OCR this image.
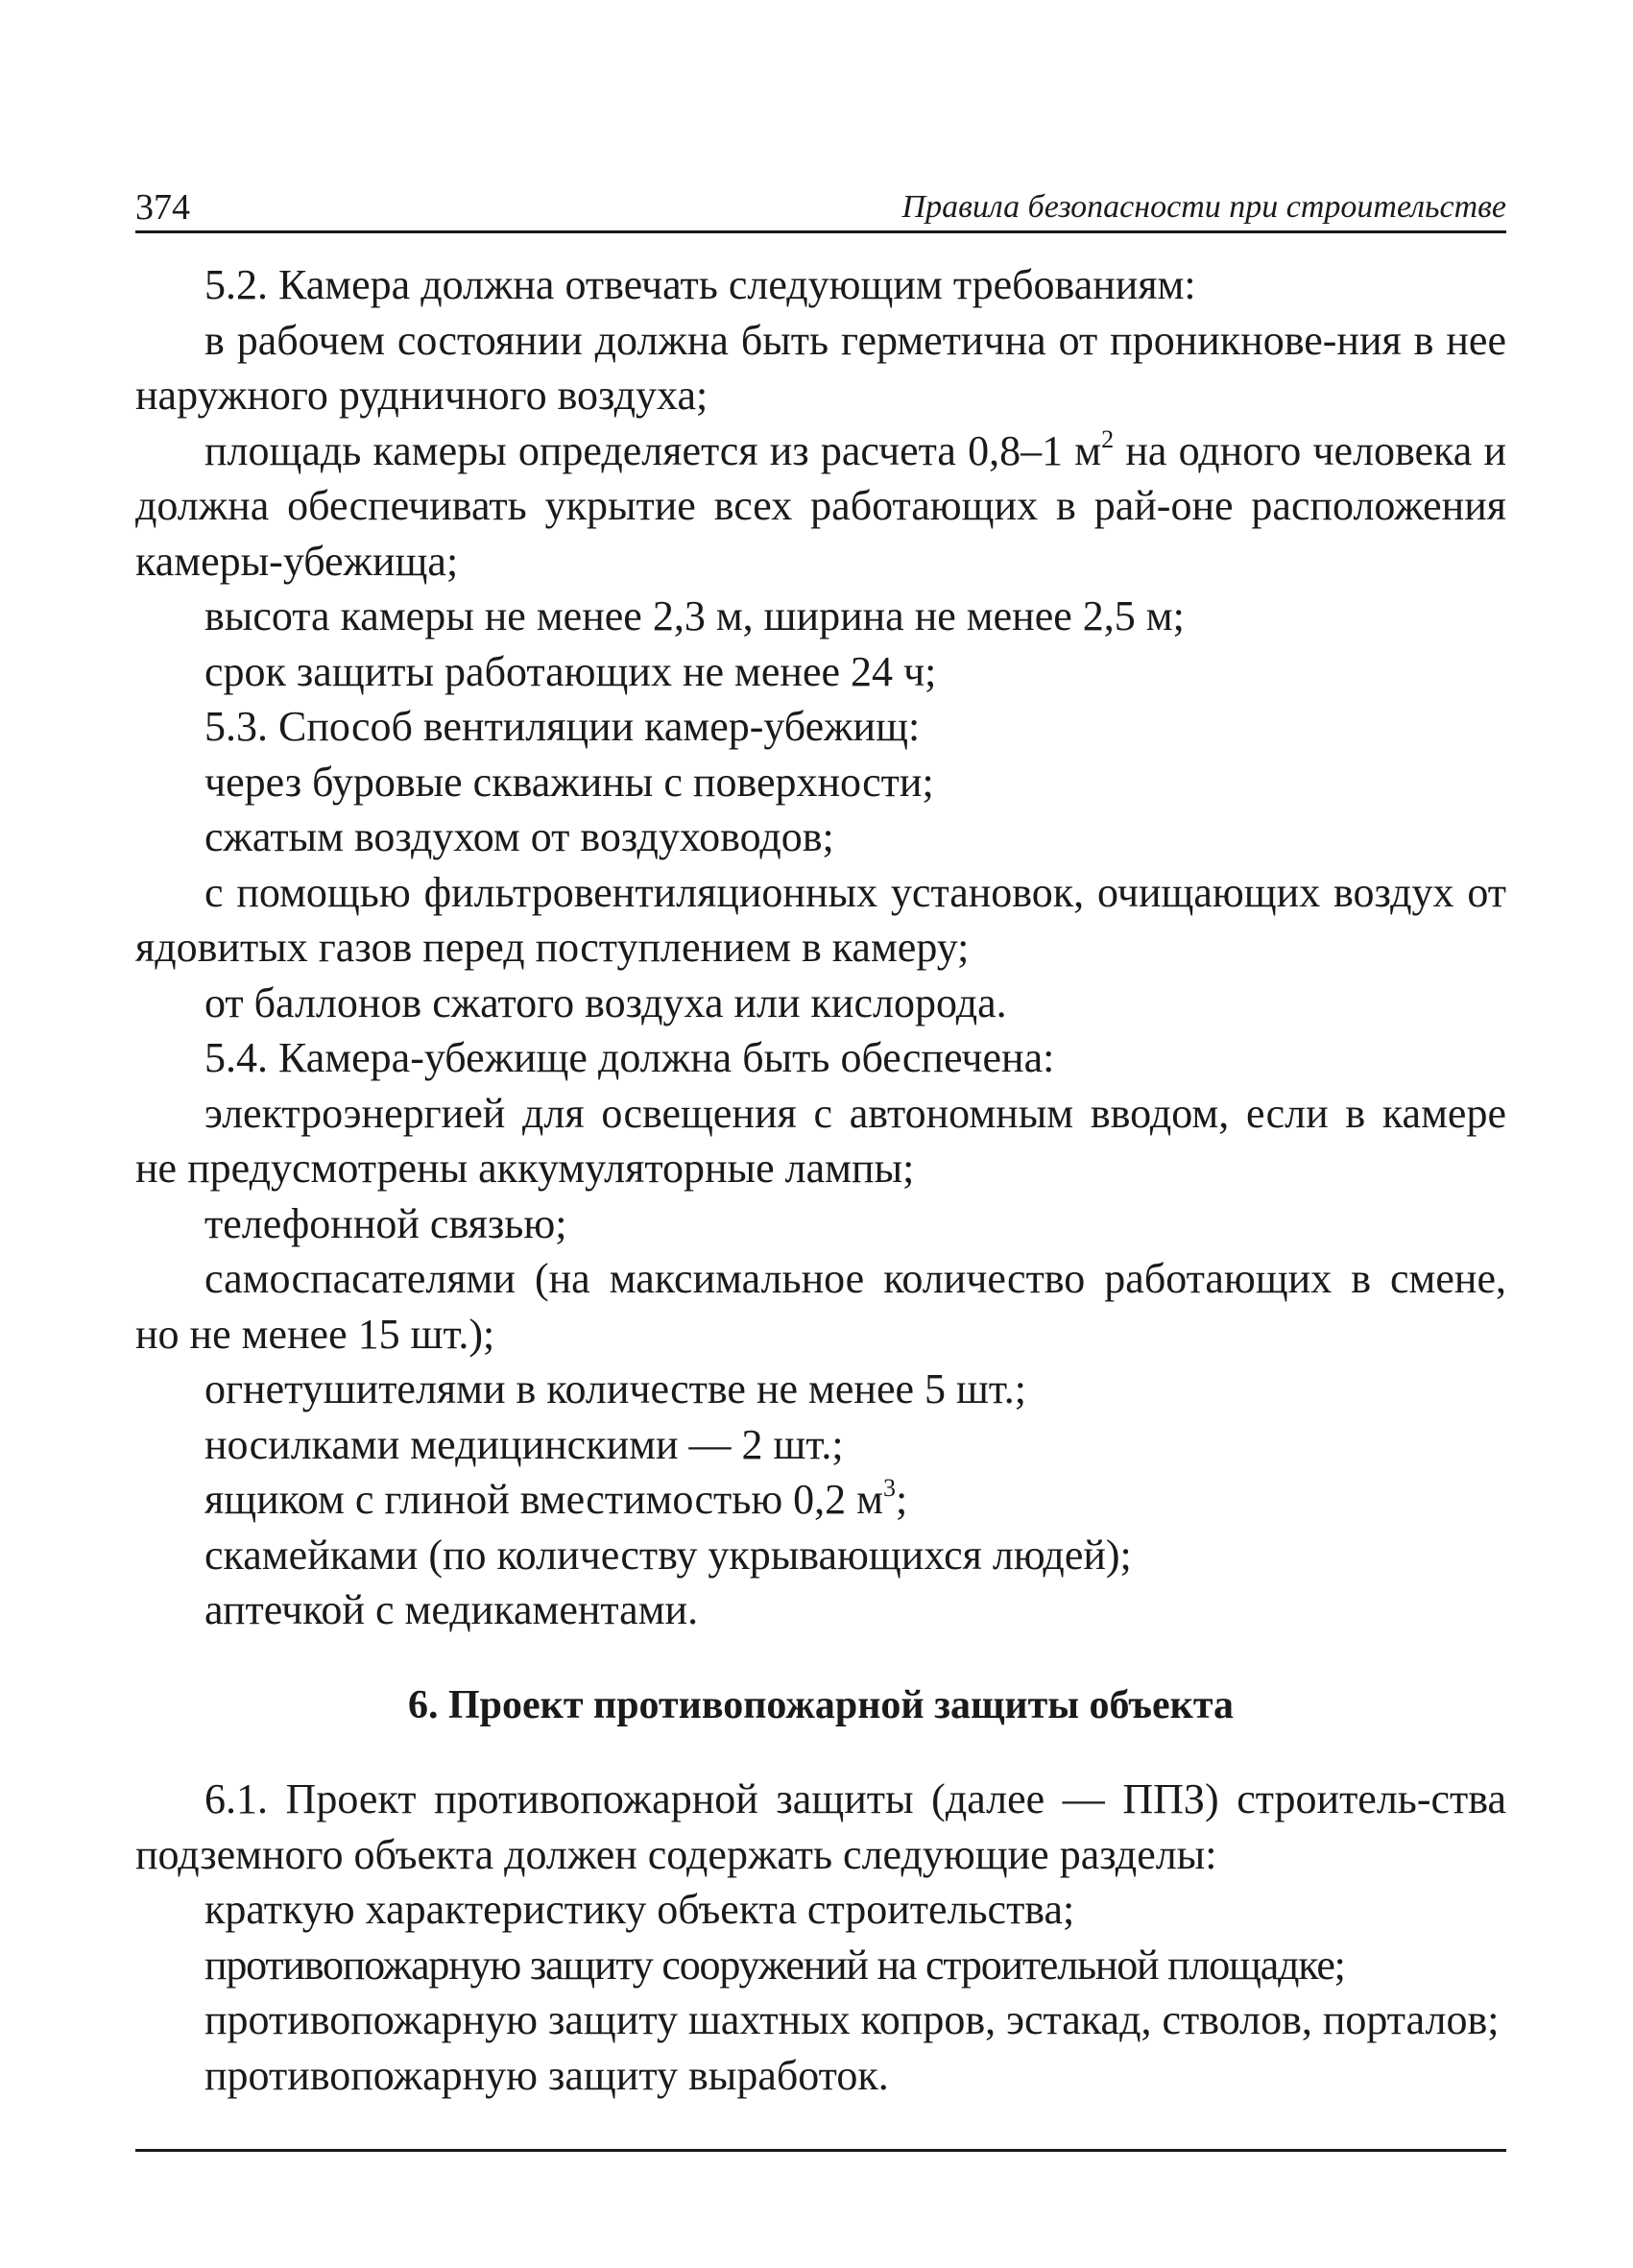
374	Правила безопасности при строительстве

5.2. Камера должна отвечать следующим требованиям:

в рабочем состоянии должна быть герметична от проникнове-ния в нее наружного рудничного воздуха;

площадь камеры определяется из расчета 0,8–1 $м^2$ на одного человека и должна обеспечивать укрытие всех работающих в рай-оне расположения камеры-убежища;

высота камеры не менее 2,3 м, ширина не менее 2,5 м;

срок защиты работающих не менее 24 ч;

5.3. Способ вентиляции камер-убежищ:

через буровые скважины с поверхности;

сжатым воздухом от воздуховодов;

с помощью фильтровентиляционных установок, очищающих воздух от ядовитых газов перед поступлением в камеру;

от баллонов сжатого воздуха или кислорода.

5.4. Камера-убежище должна быть обеспечена:

электроэнергией для освещения с автономным вводом, если в камере не предусмотрены аккумуляторные лампы;

телефонной связью;

самоспасателями (на максимальное количество работающих в смене, но не менее 15 шт.);

огнетушителями в количестве не менее 5 шт.;

носилками медицинскими — 2 шт.;

ящиком с глиной вместимостью 0,2 $м^3$;

скамейками (по количеству укрывающихся людей);

аптечкой с медикаментами.

6. Проект противопожарной защиты объекта

6.1. Проект противопожарной защиты (далее — ППЗ) строитель-ства подземного объекта должен содержать следующие разделы:

краткую характеристику объекта строительства;

противопожарную защиту сооружений на строительной площадке;

противопожарную защиту шахтных копров, эстакад, стволов, порталов;

противопожарную защиту выработок.
